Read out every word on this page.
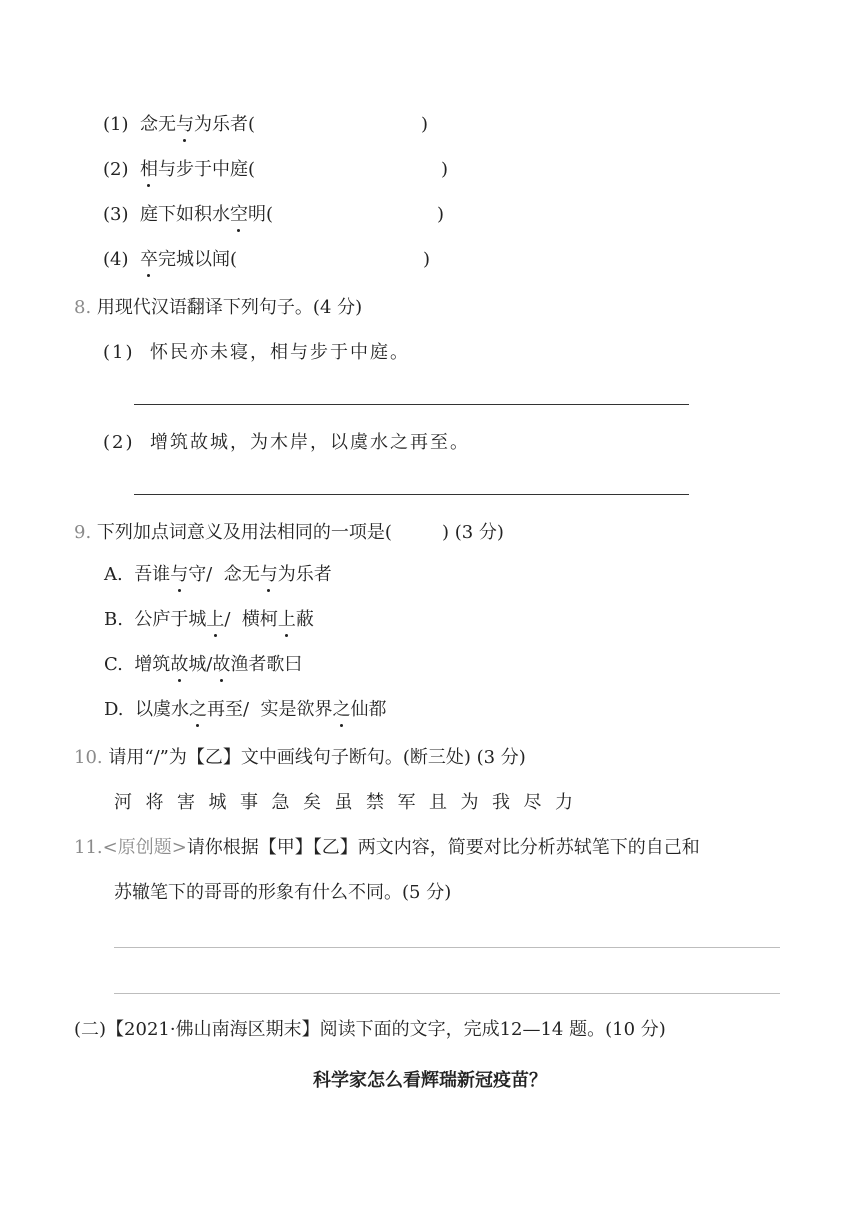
(1) 念无与为乐者(	)
(2) 相与步于中庭(	)
(3) 庭下如积水空明(	)
(4) 卒完城以闻(	)
8. 用现代汉语翻译下列句子。(4 分)
(1) 怀民亦未寝，相与步于中庭。
(2) 增筑故城，为木岸，以虞水之再至。
9. 下列加点词意义及用法相同的一项是(	) (3 分)
A. 吾谁与守/  念无与为乐者
B. 公庐于城上/  横柯上蔽
C. 增筑故城/故渔者歌曰
D. 以虞水之再至/  实是欲界之仙都
10. 请用“/”为【乙】文中画线句子断句。(断三处) (3 分)
河 将 害 城 事 急 矣 虽 禁 军 且 为 我 尽 力
11.<原创题>请你根据【甲】【乙】两文内容，简要对比分析苏轼笔下的自己和
苏辙笔下的哥哥的形象有什么不同。(5 分)
(二)【2021·佛山南海区期末】阅读下面的文字，完成12—14 题。(10 分)
科学家怎么看辉瑞新冠疫苗？
